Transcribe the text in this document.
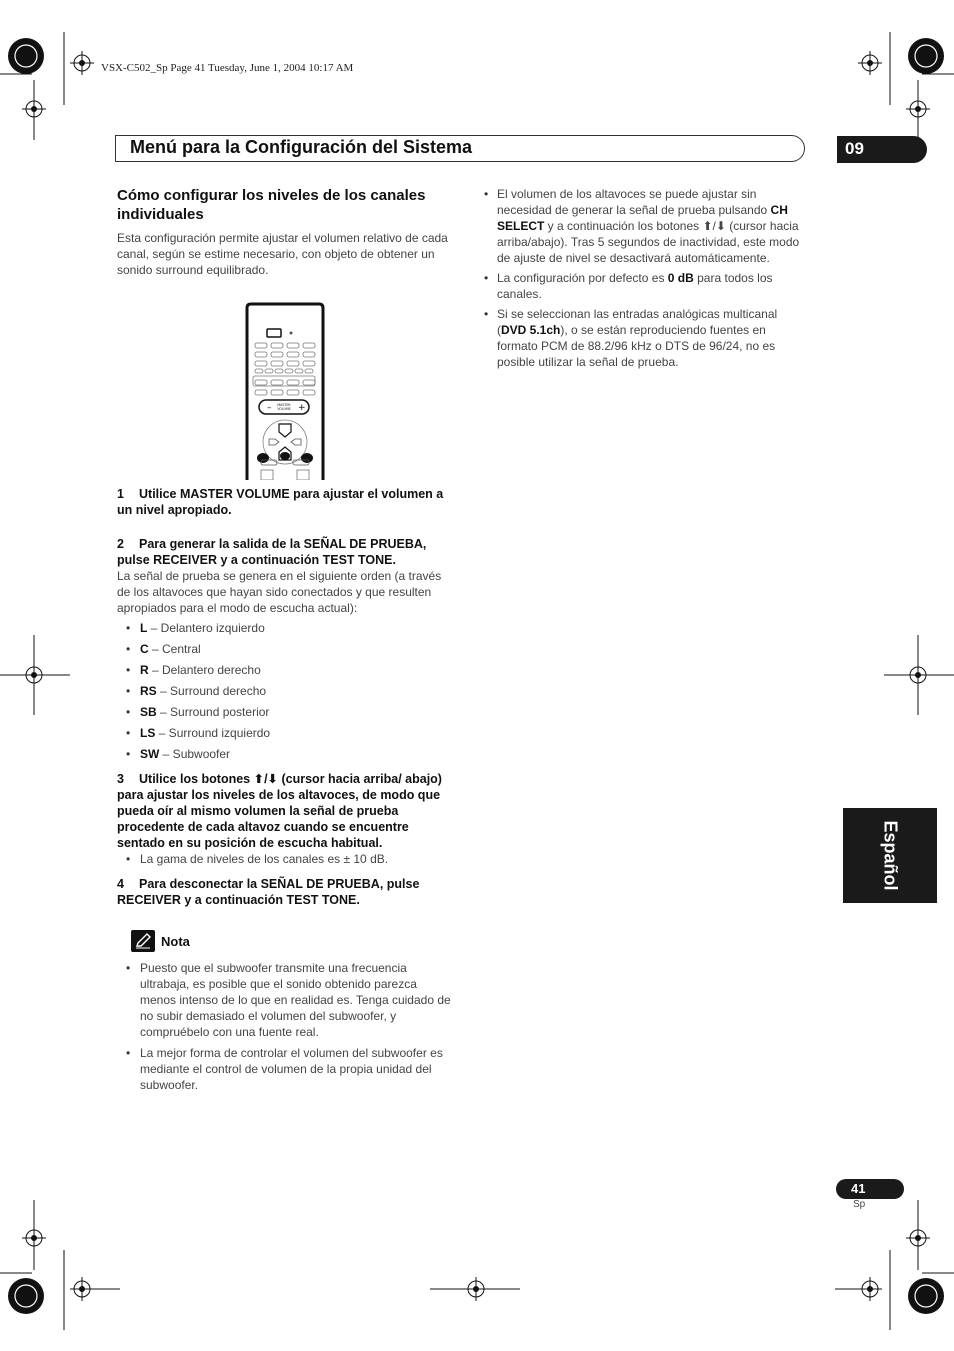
VSX-C502_Sp Page 41 Tuesday, June 1, 2004 10:17 AM
Menú para la Configuración del Sistema	09
Español
Cómo configurar los niveles de los canales individuales

Esta configuración permite ajustar el volumen relativo de cada canal, según se estime necesario, con objeto de obtener un sonido surround equilibrado.

–	+
MASTER
VOLUME

1 Utilice MASTER VOLUME para ajustar el volumen a un nivel apropiado.

2 Para generar la salida de la SEÑAL DE PRUEBA, pulse RECEIVER y a continuación TEST TONE.

La señal de prueba se genera en el siguiente orden (a través de los altavoces que hayan sido conectados y que resulten apropiados para el modo de escucha actual):

• L – Delantero izquierdo
• C – Central
• R – Delantero derecho
• RS – Surround derecho
• SB – Surround posterior
• LS – Surround izquierdo
• SW – Subwoofer

3 Utilice los botones ⬆/⬇ (cursor hacia arriba/ abajo) para ajustar los niveles de los altavoces, de modo que pueda oír al mismo volumen la señal de prueba procedente de cada altavoz cuando se encuentre sentado en su posición de escucha habitual.

• La gama de niveles de los canales es ± 10 dB.

4 Para desconectar la SEÑAL DE PRUEBA, pulse RECEIVER y a continuación TEST TONE.

Nota
• Puesto que el subwoofer transmite una frecuencia ultrabaja, es posible que el sonido obtenido parezca menos intenso de lo que en realidad es. Tenga cuidado de no subir demasiado el volumen del subwoofer, y compruébelo con una fuente real.
• La mejor forma de controlar el volumen del subwoofer es mediante el control de volumen de la propia unidad del subwoofer.
• El volumen de los altavoces se puede ajustar sin necesidad de generar la señal de prueba pulsando CH SELECT y a continuación los botones ⬆/⬇ (cursor hacia arriba/abajo). Tras 5 segundos de inactividad, este modo de ajuste de nivel se desactivará automáticamente.
• La configuración por defecto es 0 dB para todos los canales.
• Si se seleccionan las entradas analógicas multicanal (DVD 5.1ch), o se están reproduciendo fuentes en formato PCM de 88.2/96 kHz o DTS de 96/24, no es posible utilizar la señal de prueba.
41
Sp
